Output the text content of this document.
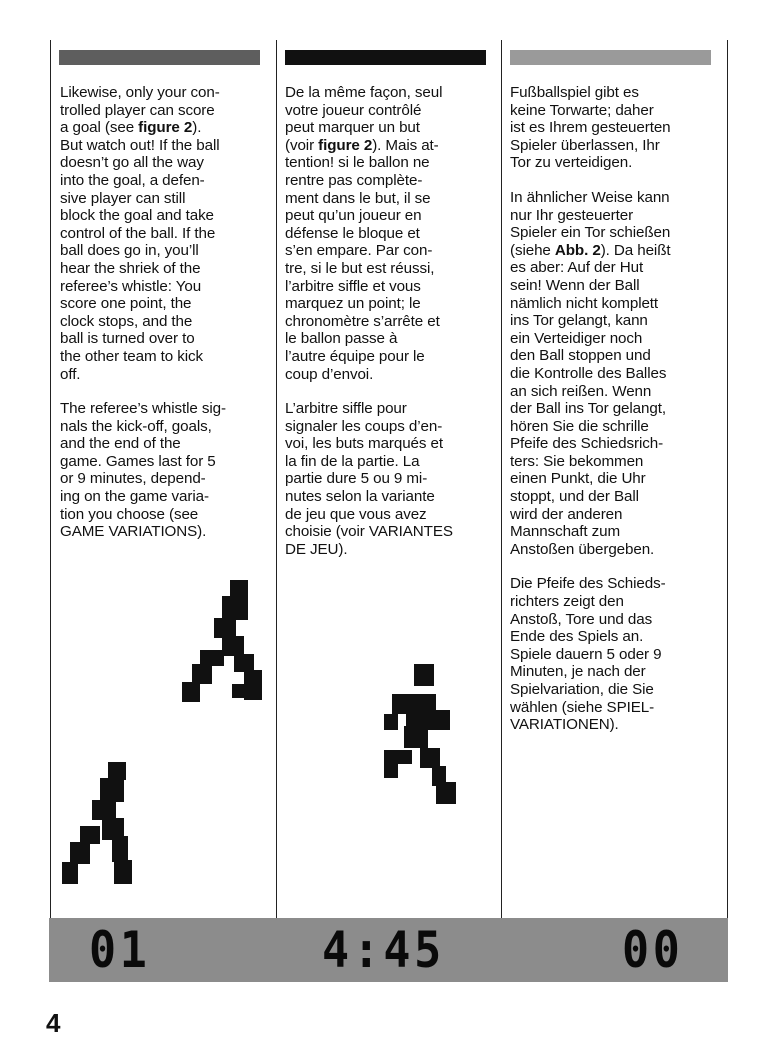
Likewise, only your con-
trolled player can score
a goal (see figure 2).
But watch out! If the ball
doesn’t go all the way
into the goal, a defen-
sive player can still
block the goal and take
control of the ball. If the
ball does go in, you’ll
hear the shriek of the
referee’s whistle: You
score one point, the
clock stops, and the
ball is turned over to
the other team to kick
off.

The referee’s whistle sig-
nals the kick-off, goals,
and the end of the
game. Games last for 5
or 9 minutes, depend-
ing on the game varia-
tion you choose (see
GAME VARIATIONS).

De la même façon, seul
votre joueur contrôlé
peut marquer un but
(voir figure 2). Mais at-
tention! si le ballon ne
rentre pas complète-
ment dans le but, il se
peut qu’un joueur en
défense le bloque et
s’en empare. Par con-
tre, si le but est réussi,
l’arbitre siffle et vous
marquez un point; le
chronomètre s’arrête et
le ballon passe à
l’autre équipe pour le
coup d’envoi.

L’arbitre siffle pour
signaler les coups d’en-
voi, les buts marqués et
la fin de la partie. La
partie dure 5 ou 9 mi-
nutes selon la variante
de jeu que vous avez
choisie (voir VARIANTES
DE JEU).

Fußballspiel gibt es
keine Torwarte; daher
ist es Ihrem gesteuerten
Spieler überlassen, Ihr
Tor zu verteidigen.

In ähnlicher Weise kann
nur Ihr gesteuerter
Spieler ein Tor schießen
(siehe Abb. 2). Da heißt
es aber: Auf der Hut
sein! Wenn der Ball
nämlich nicht komplett
ins Tor gelangt, kann
ein Verteidiger noch
den Ball stoppen und
die Kontrolle des Balles
an sich reißen. Wenn
der Ball ins Tor gelangt,
hören Sie die schrille
Pfeife des Schiedsrich-
ters: Sie bekommen
einen Punkt, die Uhr
stoppt, und der Ball
wird der anderen
Mannschaft zum
Anstoßen übergeben.

Die Pfeife des Schieds-
richters zeigt den
Anstoß, Tore und das
Ende des Spiels an.
Spiele dauern 5 oder 9
Minuten, je nach der
Spielvariation, die Sie
wählen (siehe SPIEL-
VARIATIONEN).

01	4:45	00
4
